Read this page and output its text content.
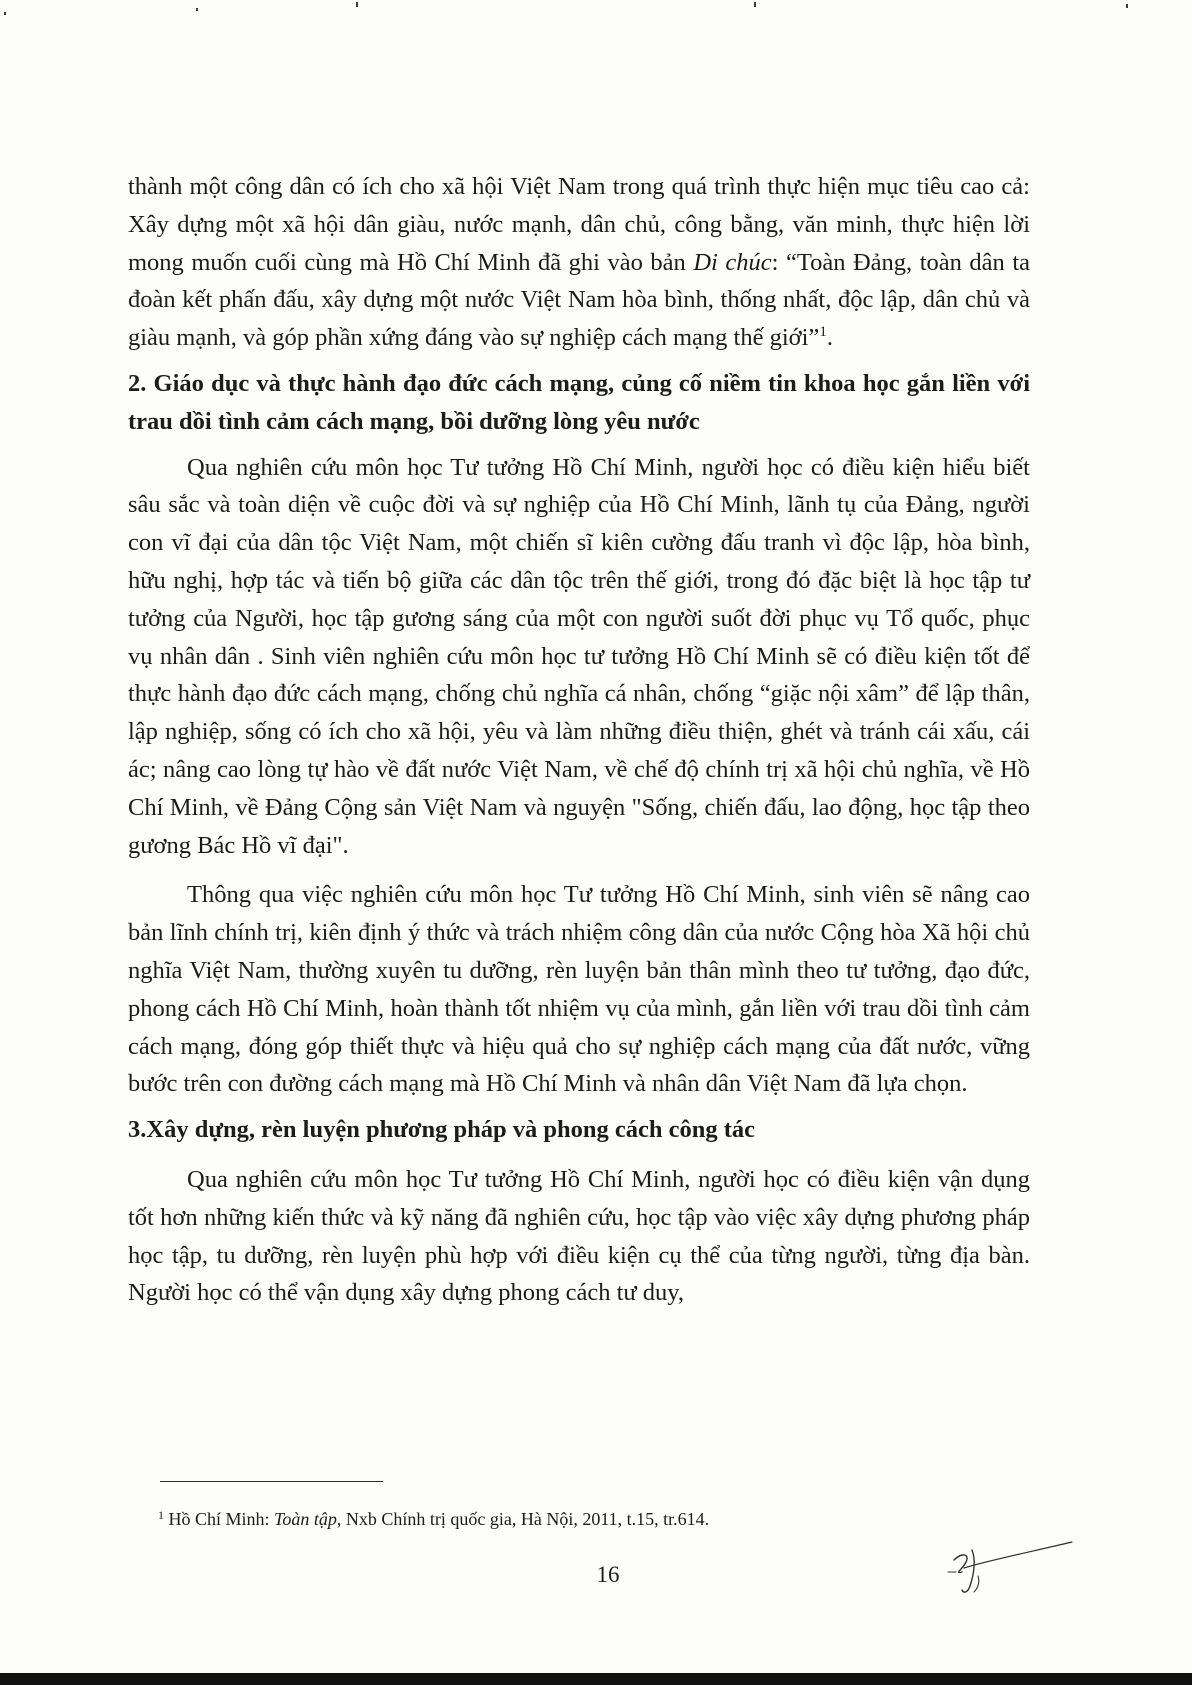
thành một công dân có ích cho xã hội Việt Nam trong quá trình thực hiện mục tiêu cao cả: Xây dựng một xã hội dân giàu, nước mạnh, dân chủ, công bằng, văn minh, thực hiện lời mong muốn cuối cùng mà Hồ Chí Minh đã ghi vào bản Di chúc: “Toàn Đảng, toàn dân ta đoàn kết phấn đấu, xây dựng một nước Việt Nam hòa bình, thống nhất, độc lập, dân chủ và giàu mạnh, và góp phần xứng đáng vào sự nghiệp cách mạng thế giới”$^1$.

2. Giáo dục và thực hành đạo đức cách mạng, củng cố niềm tin khoa học gắn liền với trau dồi tình cảm cách mạng, bồi dưỡng lòng yêu nước

Qua nghiên cứu môn học Tư tưởng Hồ Chí Minh, người học có điều kiện hiểu biết sâu sắc và toàn diện về cuộc đời và sự nghiệp của Hồ Chí Minh, lãnh tụ của Đảng, người con vĩ đại của dân tộc Việt Nam, một chiến sĩ kiên cường đấu tranh vì độc lập, hòa bình, hữu nghị, hợp tác và tiến bộ giữa các dân tộc trên thế giới, trong đó đặc biệt là học tập tư tưởng của Người, học tập gương sáng của một con người suốt đời phục vụ Tổ quốc, phục vụ nhân dân . Sinh viên nghiên cứu môn học tư tưởng Hồ Chí Minh sẽ có điều kiện tốt để thực hành đạo đức cách mạng, chống chủ nghĩa cá nhân, chống “giặc nội xâm” để lập thân, lập nghiệp, sống có ích cho xã hội, yêu và làm những điều thiện, ghét và tránh cái xấu, cái ác; nâng cao lòng tự hào về đất nước Việt Nam, về chế độ chính trị xã hội chủ nghĩa, về Hồ Chí Minh, về Đảng Cộng sản Việt Nam và nguyện "Sống, chiến đấu, lao động, học tập theo gương Bác Hồ vĩ đại".

Thông qua việc nghiên cứu môn học Tư tưởng Hồ Chí Minh, sinh viên sẽ nâng cao bản lĩnh chính trị, kiên định ý thức và trách nhiệm công dân của nước Cộng hòa Xã hội chủ nghĩa Việt Nam, thường xuyên tu dưỡng, rèn luyện bản thân mình theo tư tưởng, đạo đức, phong cách Hồ Chí Minh, hoàn thành tốt nhiệm vụ của mình, gắn liền với trau dồi tình cảm cách mạng, đóng góp thiết thực và hiệu quả cho sự nghiệp cách mạng của đất nước, vững bước trên con đường cách mạng mà Hồ Chí Minh và nhân dân Việt Nam đã lựa chọn.

3.Xây dựng, rèn luyện phương pháp và phong cách công tác

Qua nghiên cứu môn học Tư tưởng Hồ Chí Minh, người học có điều kiện vận dụng tốt hơn những kiến thức và kỹ năng đã nghiên cứu, học tập vào việc xây dựng phương pháp học tập, tu dưỡng, rèn luyện phù hợp với điều kiện cụ thể của từng người, từng địa bàn. Người học có thể vận dụng xây dựng phong cách tư duy,

$^1$ Hồ Chí Minh: Toàn tập, Nxb Chính trị quốc gia, Hà Nội, 2011, t.15, tr.614.
16
